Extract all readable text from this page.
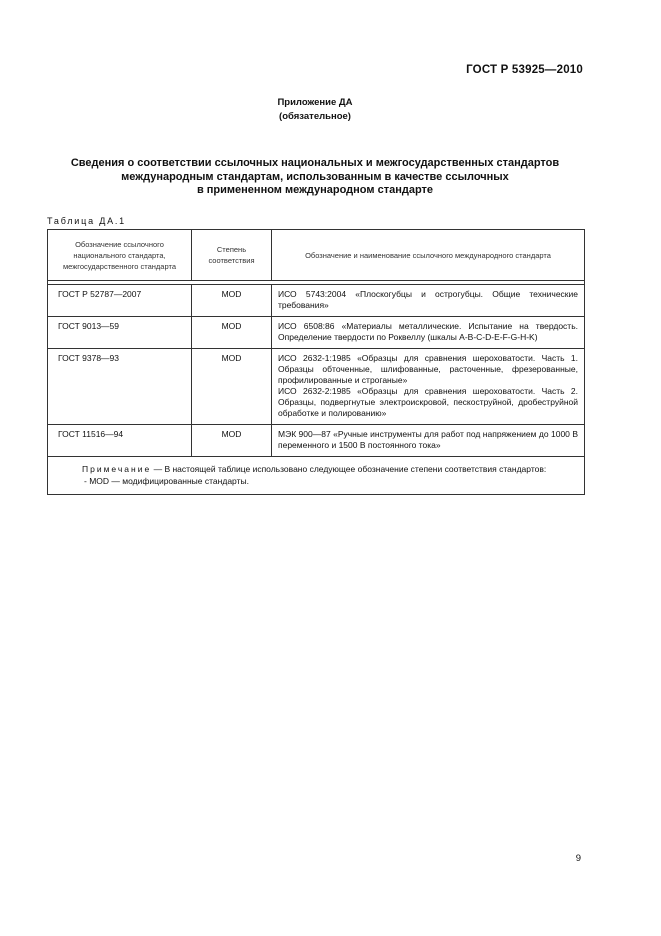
ГОСТ Р 53925—2010
Приложение ДА
(обязательное)
Сведения о соответствии ссылочных национальных и межгосударственных стандартов
международным стандартам, использованным в качестве ссылочных
в примененном международном стандарте
Таблица ДА.1
Обозначение ссылочного национального стандарта, межгосударственного стандарта	Степень соответствия	Обозначение и наименование ссылочного международного стандарта

ГОСТ Р 52787—2007	MOD	ИСО 5743:2004 «Плоскогубцы и острогубцы. Общие технические требования»
ГОСТ 9013—59	MOD	ИСО 6508:86 «Материалы металлические. Испытание на твердость. Определение твердости по Роквеллу (шкалы A-B-C-D-E-F-G-H-K)
ГОСТ 9378—93	MOD	ИСО 2632-1:1985 «Образцы для сравнения шероховатости. Часть 1. Образцы обточенные, шлифованные, расточенные, фрезерованные, профилированные и строганые»
ИСО 2632-2:1985 «Образцы для сравнения шероховатости. Часть 2. Образцы, подвергнутые электроискровой, пескоструйной, дробеструйной обработке и полированию»

ГОСТ 11516—94	MOD	МЭК 900—87 «Ручные инструменты для работ под напряжением до 1000 В переменного и 1500 В постоянного тока»

Примечание — В настоящей таблице использовано следующее обозначение степени соответствия стандартов:
- MOD — модифицированные стандарты.		
9
